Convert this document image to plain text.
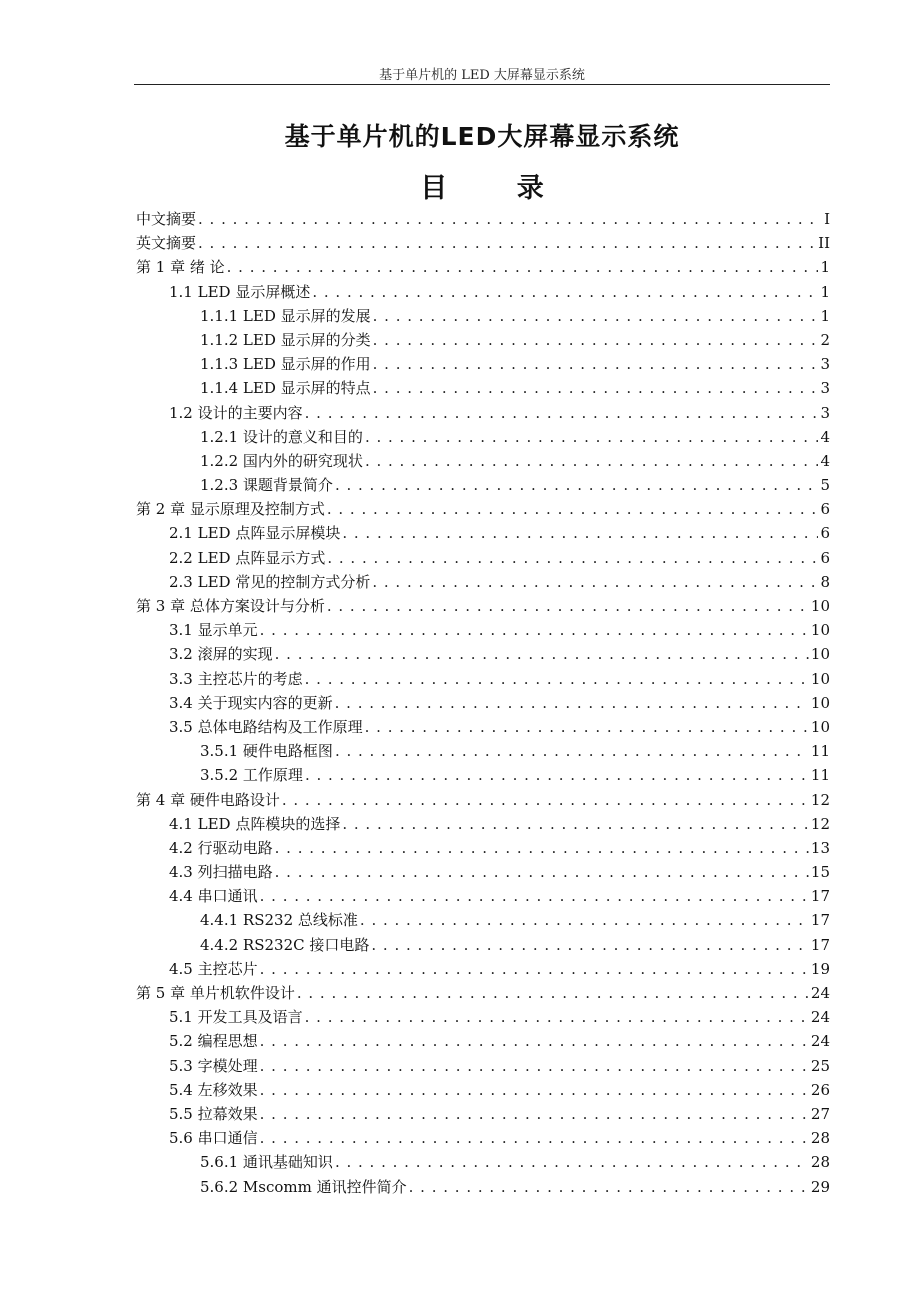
基于单片机的 LED 大屏幕显示系统
基于单片机的LED大屏幕显示系统
目 录
中文摘要 . . .	I
英文摘要 . . .	II
第 1 章 绪 论 . . .	1
1.1 LED 显示屏概述 . . .	1
1.1.1 LED 显示屏的发展 . . .	1
1.1.2 LED 显示屏的分类 . . .	2
1.1.3 LED 显示屏的作用 . . .	3
1.1.4 LED 显示屏的特点 . . .	3
1.2 设计的主要内容 . . .	3
1.2.1 设计的意义和目的 . . .	4
1.2.2 国内外的研究现状 . . .	4
1.2.3 课题背景简介 . . .	5
第 2 章 显示原理及控制方式 . . .	6
2.1 LED 点阵显示屏模块 . . .	6
2.2 LED 点阵显示方式 . . .	6
2.3 LED 常见的控制方式分析 . . .	8
第 3 章 总体方案设计与分析 . . .	10
3.1 显示单元 . . .	10
3.2 滚屏的实现 . . .	10
3.3 主控芯片的考虑 . . .	10
3.4 关于现实内容的更新 . . .	10
3.5 总体电路结构及工作原理 . . .	10
3.5.1 硬件电路框图 . . .	11
3.5.2 工作原理 . . .	11
第 4 章 硬件电路设计 . . .	12
4.1 LED 点阵模块的选择 . . .	12
4.2 行驱动电路 . . .	13
4.3 列扫描电路 . . .	15
4.4 串口通讯 . . .	17
4.4.1 RS232 总线标准 . . .	17
4.4.2 RS232C 接口电路 . . .	17
4.5 主控芯片 . . .	19
第 5 章 单片机软件设计 . . .	24
5.1 开发工具及语言 . . .	24
5.2 编程思想 . . .	24
5.3 字模处理 . . .	25
5.4 左移效果 . . .	26
5.5 拉幕效果 . . .	27
5.6 串口通信 . . .	28
5.6.1 通讯基础知识 . . .	28
5.6.2 Mscomm 通讯控件简介 . . .	29
